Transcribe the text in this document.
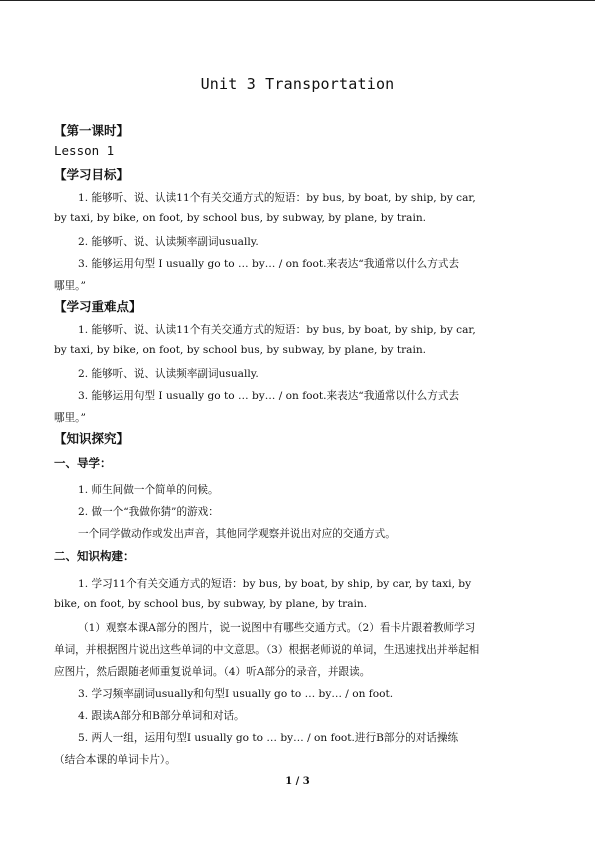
Unit 3 Transportation
【第一课时】
Lesson 1
【学习目标】
1. 能够听、说、认读11个有关交通方式的短语：by bus, by boat, by ship, by car,
by taxi, by bike, on foot, by school bus, by subway, by plane, by train.
2. 能够听、说、认读频率副词usually.
3. 能够运用句型 I usually go to … by… / on foot.来表达“我通常以什么方式去
哪里。”
【学习重难点】
1. 能够听、说、认读11个有关交通方式的短语：by bus, by boat, by ship, by car,
by taxi, by bike, on foot, by school bus, by subway, by plane, by train.
2. 能够听、说、认读频率副词usually.
3. 能够运用句型 I usually go to … by… / on foot.来表达“我通常以什么方式去
哪里。”
【知识探究】
一、导学：
1. 师生间做一个简单的问候。
2. 做一个“我做你猜”的游戏：
一个同学做动作或发出声音，其他同学观察并说出对应的交通方式。
二、知识构建：
1. 学习11个有关交通方式的短语：by bus, by boat, by ship, by car, by taxi, by
bike, on foot, by school bus, by subway, by plane, by train.
（1）观察本课A部分的图片，说一说图中有哪些交通方式。（2）看卡片跟着教师学习
单词，并根据图片说出这些单词的中文意思。（3）根据老师说的单词，生迅速找出并举起相
应图片，然后跟随老师重复说单词。（4）听A部分的录音，并跟读。
3. 学习频率副词usually和句型I usually go to … by… / on foot.
4. 跟读A部分和B部分单词和对话。
5. 两人一组，运用句型I usually go to … by… / on foot.进行B部分的对话操练
（结合本课的单词卡片）。
1 / 3
